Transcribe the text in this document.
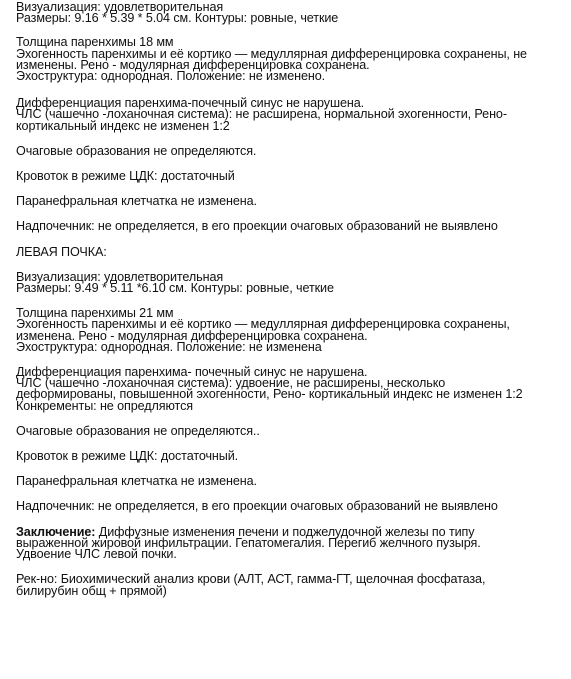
Визуализация: удовлетворительная
Размеры: 9.16 * 5.39 * 5.04 см. Контуры: ровные, четкие
Толщина паренхимы 18 мм
Эхогенность паренхимы и её кортико — медуллярная дифференцировка сохранены, не
изменены. Рено - модулярная дифференцировка сохранена.
Эхоструктура: однородная. Положение: не изменено.
Дифференциация паренхима-почечный синус не нарушена.
ЧЛС (чашечно -лоханочная система): не расширена, нормальной эхогенности, Рено-
кортикальный индекс не изменен 1:2
Очаговые образования не определяются.
Кровоток в режиме ЦДК: достаточный
Паранефральная клетчатка не изменена.
Надпочечник: не определяется, в его проекции очаговых образований не выявлено
ЛЕВАЯ ПОЧКА:
Визуализация: удовлетворительная
Размеры: 9.49 * 5.11 *6.10 см. Контуры: ровные, четкие
Толщина паренхимы 21 мм
Эхогенность паренхимы и её кортико — медуллярная дифференцировка сохранены,
изменена. Рено - модулярная дифференцировка сохранена.
Эхоструктура: однородная. Положение: не изменена
Дифференциация паренхима- почечный синус не нарушена.
ЧЛС (чашечно -лоханочная система): удвоение, не расширены, несколько
деформированы, повышенной эхогенности, Рено- кортикальный индекс не изменен 1:2
Конкременты: не опредляются
Очаговые образования не определяются..
Кровоток в режиме ЦДК: достаточный.
Паранефральная клетчатка не изменена.
Надпочечник: не определяется, в его проекции очаговых образований не выявлено
Заключение: Диффузные изменения печени и поджелудочной железы по типу
выраженной жировой инфильтрации. Гепатомегалия. Перегиб желчного пузыря.
Удвоение ЧЛС левой почки.
Рек-но: Биохимический анализ крови (АЛТ, АСТ, гамма-ГТ, щелочная фосфатаза,
билирубин общ + прямой)
